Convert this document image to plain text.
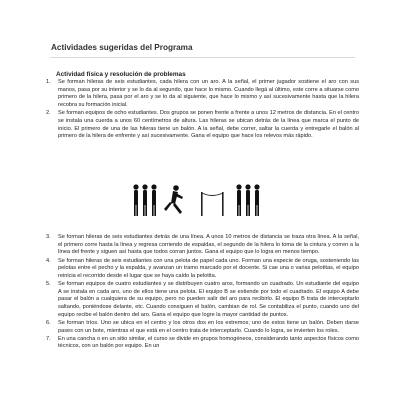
Actividades sugeridas del Programa
Actividad física y resolución de problemas
1. Se forman hileras de seis estudiantes, cada hilera con un aro. A la señal, el primer jugador sostiene el aro con sus manos, pasa por su interior y se lo da al segundo, que hace lo mismo. Cuando llegá al último, este corre a situarse como primero de la hilera, pasa por el aro y se lo da al siguiente, que hace lo mismo y así sucesivamente hasta que la hilera recobra su formación inicial.
2. Se forman equipos de ocho estudiantes. Dos grupos se ponen frente a frente a unos 12 metros de distancia. En el centro se instala una cuerda a unos 60 centímetros de altura. Las hileras se ubican detrás de la línea que marca el punto de inicio. El primero de una de las hileras tiene un balón. A la señal, debe correr, saltar la cuerda y entregarle el balón al primero de la hilera de enfrente y así sucesivamente. Gana el equipo que hace los relevos más rápido.
3. Se forman hileras de seis estudiantes detrás de una línea. A unos 10 metros de distancia se traza otra línea. A la señal, el primero corre hasta la línea y regresa corriendo de espaldas, el segundo de la hilera lo toma de la cintura y corren a la línea del frente y siguen así hasta que todos corran juntos. Gana el equipo que lo logra en menos tiempo.
4. Se forman hileras de seis estudiantes con una pelota de papel cada uno. Forman una especie de oruga, sosteniendo las pelotas entre el pecho y la espalda, y avanzan un tramo marcado por el docente. Si cae una o varias pelotitas, el equipo reinicia el recorrido desde el lugar que se haya caído la pelotita.
5. Se forman equipos de cuatro estudiantes y se distribuyen cuatro aros, formando un cuadrado. Un estudiante del equipo A se instala en cada aro, uno de ellos tiene una pelota. El equipo B se extiende por todo el cuadrado. El equipo A debe pasar el balón a cualquiera de su equipo, pero no pueden salir del aro para recibirlo. El equipo B trata de interceptarlo saltando, poniéndose delante, etc. Cuando consiguen el balón, cambian de rol. Se contabiliza el punto, cuando uno del equipo recibe el balón dentro del aro. Gana el equipo que logre la mayor cantidad de puntos.
6. Se forman tríos. Uno se ubica en el centro y los otros dos en los extremos; uno de estos tiene un balón. Deben darse pases con un bote, mientras el que está en el centro trata de interceptarlo. Cuando lo logra, se invierten los roles.
7. En una cancha o en un sitio similar, el curso se divide en grupos homogéneos, considerando tanto aspectos físicos como técnicos, con un balón por equipo. En un
